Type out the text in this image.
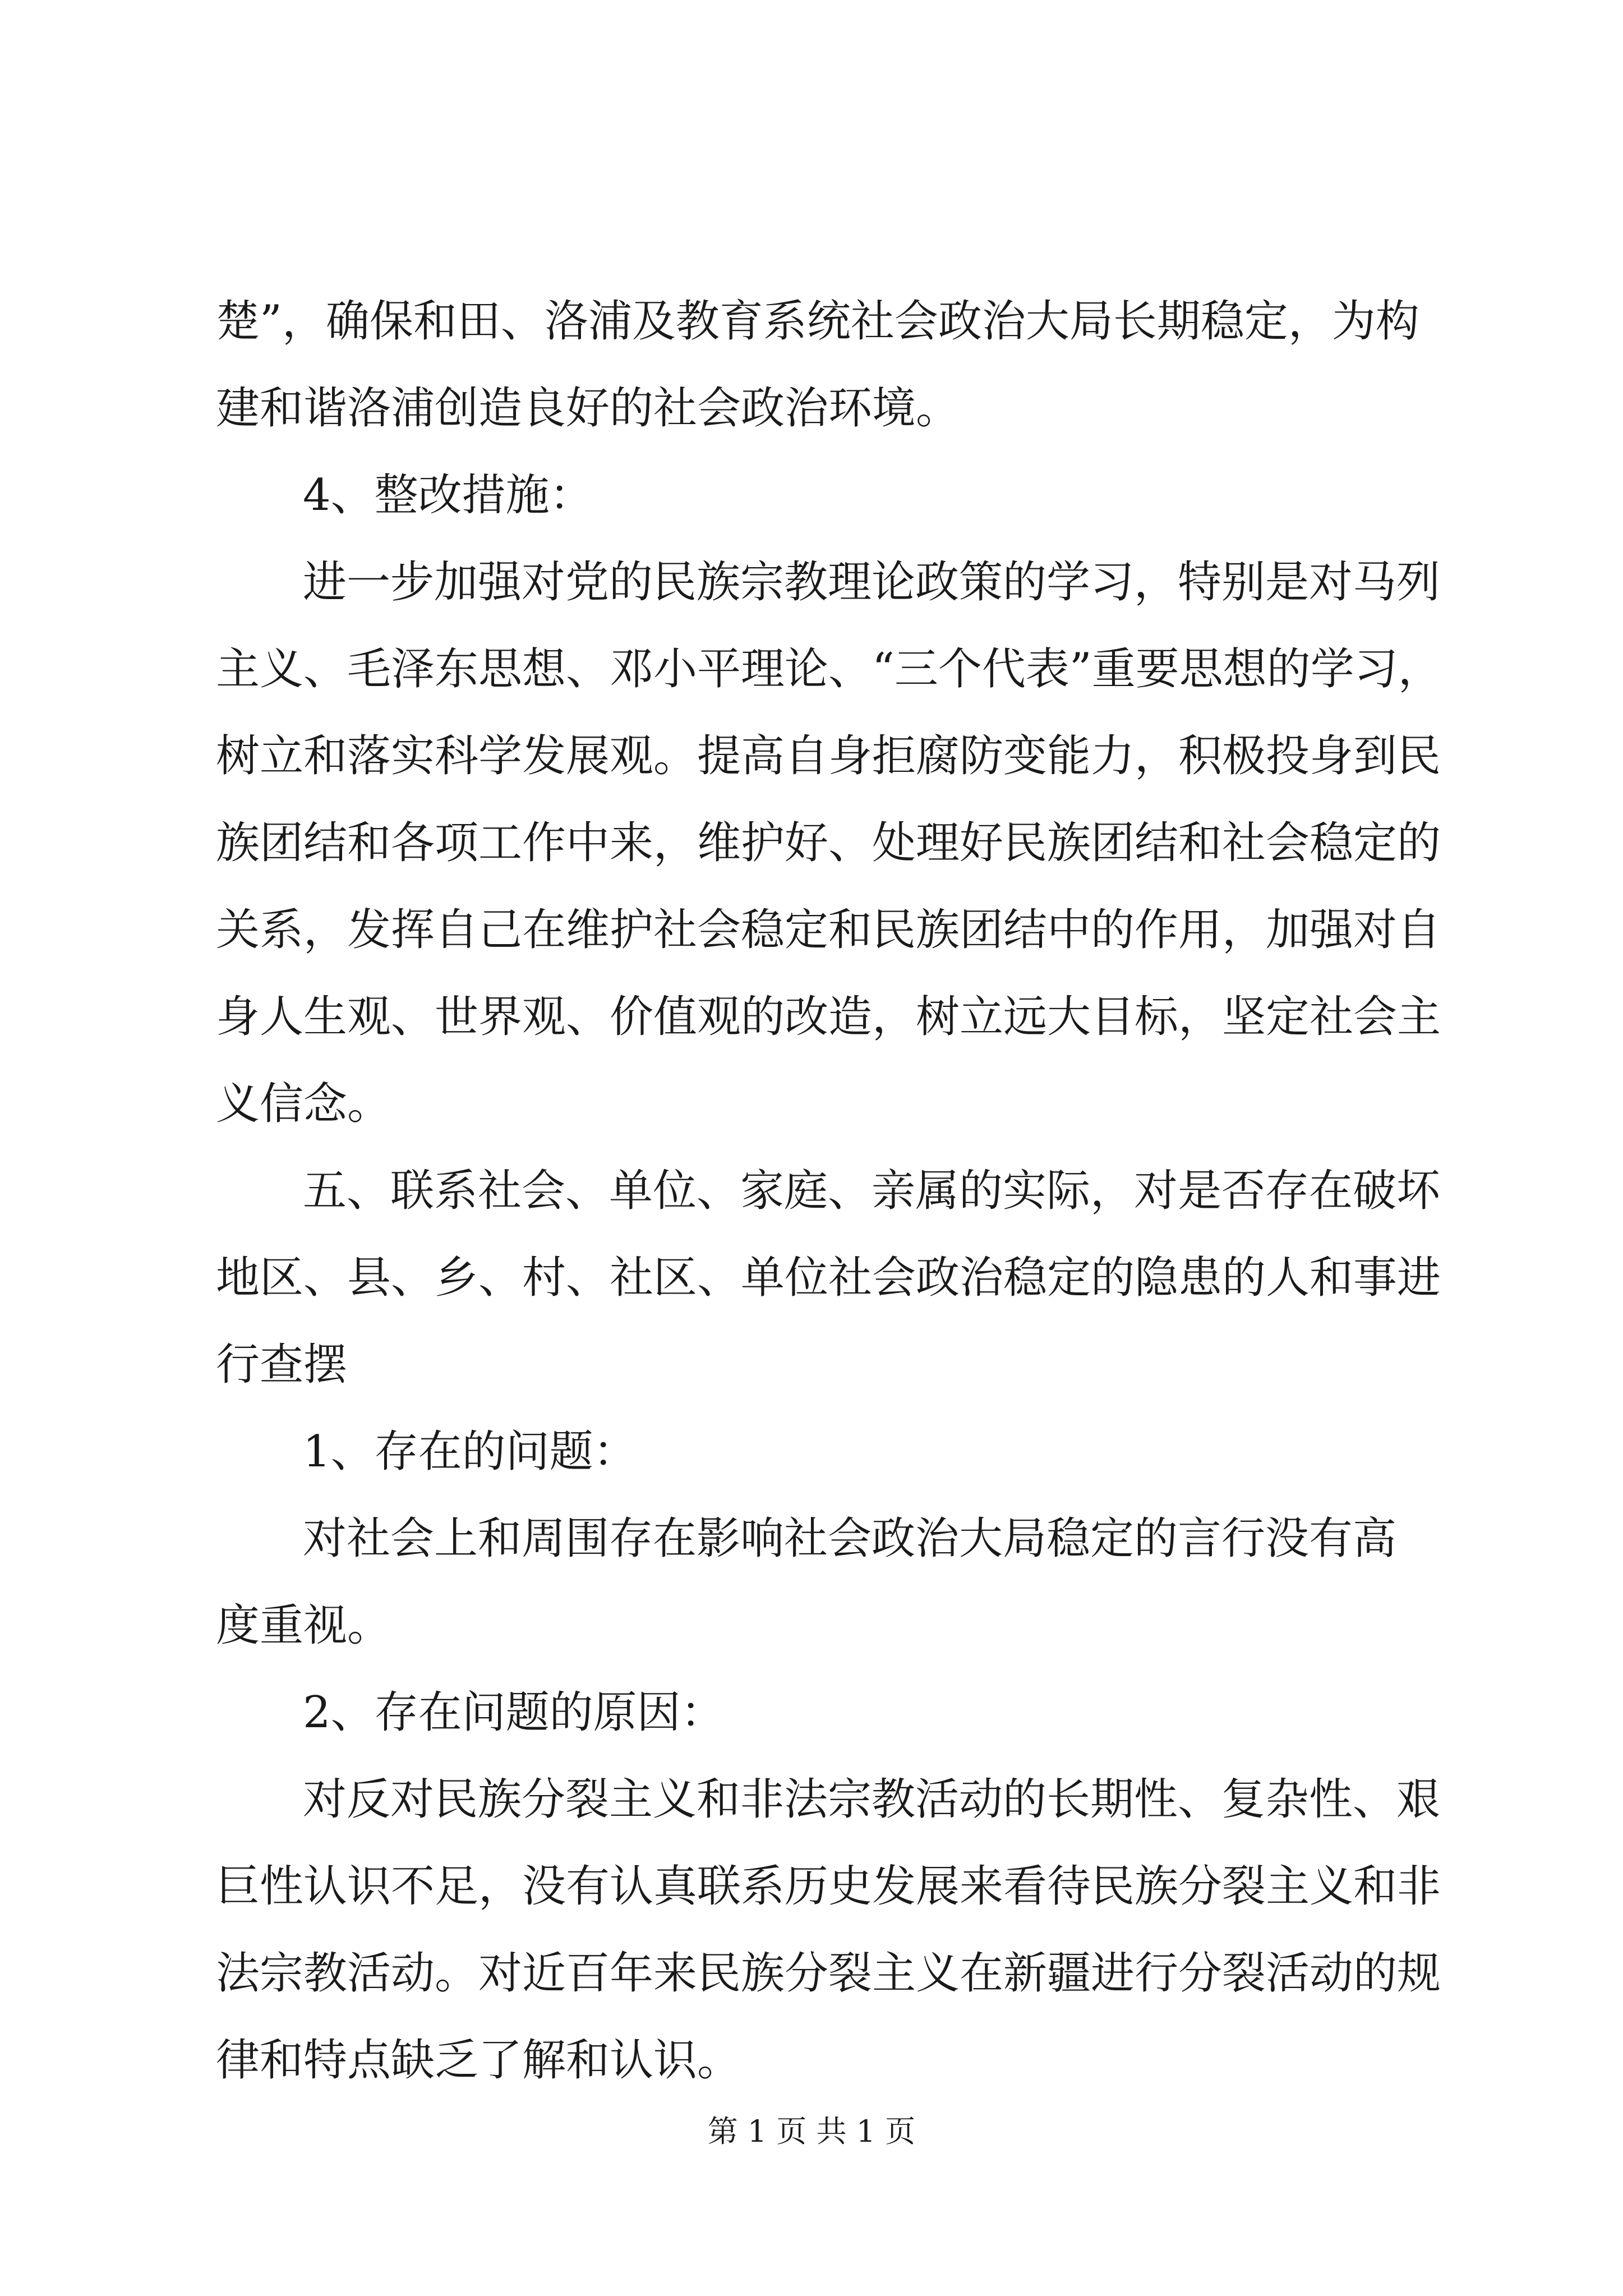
楚”，确保和田、洛浦及教育系统社会政治大局长期稳定，为构
建和谐洛浦创造良好的社会政治环境。
4、整改措施：
进一步加强对党的民族宗教理论政策的学习，特别是对马列
主义、毛泽东思想、邓小平理论、“三个代表”重要思想的学习，
树立和落实科学发展观。提高自身拒腐防变能力，积极投身到民
族团结和各项工作中来，维护好、处理好民族团结和社会稳定的
关系，发挥自己在维护社会稳定和民族团结中的作用，加强对自
身人生观、世界观、价值观的改造，树立远大目标，坚定社会主
义信念。
五、联系社会、单位、家庭、亲属的实际，对是否存在破坏
地区、县、乡、村、社区、单位社会政治稳定的隐患的人和事进
行查摆
1、存在的问题：
对社会上和周围存在影响社会政治大局稳定的言行没有高
度重视。
2、存在问题的原因：
对反对民族分裂主义和非法宗教活动的长期性、复杂性、艰
巨性认识不足，没有认真联系历史发展来看待民族分裂主义和非
法宗教活动。对近百年来民族分裂主义在新疆进行分裂活动的规
律和特点缺乏了解和认识。
第 1 页 共 1 页
